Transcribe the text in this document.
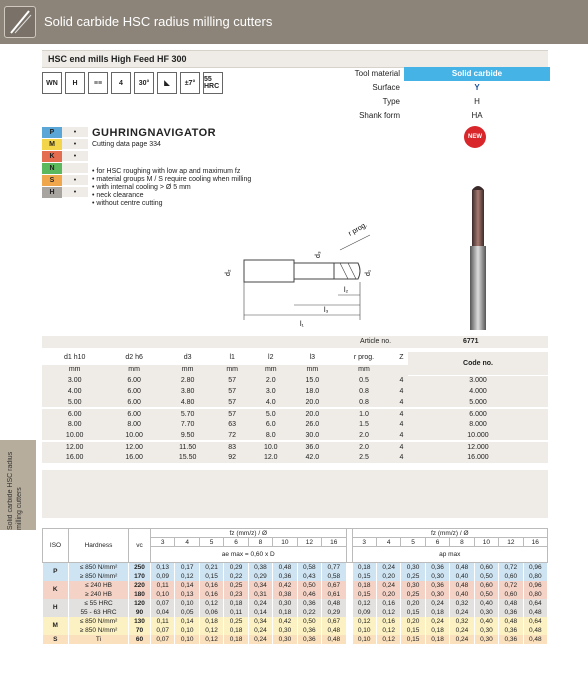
Solid carbide HSC radius milling cutters
HSC end mills High Feed HF 300
Solid carbide HSC radius milling cutters
WN	H	≡≡	4	30°	◣	±7°	55 HRC
Tool material	Solid carbide
Surface	Y
Type	H
Shank form	HA
P	•
M	•
K	•
N
S	•
H	•
GUHRINGNAVIGATOR
Cutting data page 334
NEW
• for HSC roughing with low ap and maximum fz
• material groups M / S require cooling when milling
• with internal cooling > Ø 5 mm
• neck clearance
• without centre cutting
d₂
d₃
d₁
r prog.
l₁
l₃
l₂
Article no.	6771
d1 h10	d2 h6	d3	l1	l2	l3	r prog.	Z	Code no.
mm	mm	mm	mm	mm	mm	mm		
3.00	6.00	2.80	57	2.0	15.0	0.5	4	3.000
4.00	6.00	3.80	57	3.0	18.0	0.8	4	4.000
5.00	6.00	4.80	57	4.0	20.0	0.8	4	5.000
6.00	6.00	5.70	57	5.0	20.0	1.0	4	6.000
8.00	8.00	7.70	63	6.0	26.0	1.5	4	8.000
10.00	10.00	9.50	72	8.0	30.0	2.0	4	10.000
12.00	12.00	11.50	83	10.0	36.0	2.0	4	12.000
16.00	16.00	15.50	92	12.0	42.0	2.5	4	16.000
ISO	Hardness	vc	fz (mm/z) / Ø									fz (mm/z) / Ø							
			3	4	5	6	8	10	12	16		3	4	5	6	8	10	12	16
			ae max = 0,60 x D									ap max							
P	≤ 850 N/mm²	250	0,13	0,17	0,21	0,29	0,38	0,48	0,58	0,77		0,18	0,24	0,30	0,36	0,48	0,60	0,72	0,96
	≥ 850 N/mm²	170	0,09	0,12	0,15	0,22	0,29	0,36	0,43	0,58		0,15	0,20	0,25	0,30	0,40	0,50	0,60	0,80
K	≤ 240 HB	220	0,11	0,14	0,16	0,25	0,34	0,42	0,50	0,67		0,18	0,24	0,30	0,36	0,48	0,60	0,72	0,96
	≥ 240 HB	180	0,10	0,13	0,16	0,23	0,31	0,38	0,46	0,61		0,15	0,20	0,25	0,30	0,40	0,50	0,60	0,80
H	≤ 55 HRC	120	0,07	0,10	0,12	0,18	0,24	0,30	0,36	0,48		0,12	0,16	0,20	0,24	0,32	0,40	0,48	0,64
	55 - 63 HRC	90	0,04	0,05	0,06	0,11	0,14	0,18	0,22	0,29		0,09	0,12	0,15	0,18	0,24	0,30	0,36	0,48
M	≤ 850 N/mm²	130	0,11	0,14	0,18	0,25	0,34	0,42	0,50	0,67		0,12	0,16	0,20	0,24	0,32	0,40	0,48	0,64
	≥ 850 N/mm²	70	0,07	0,10	0,12	0,18	0,24	0,30	0,36	0,48		0,10	0,12	0,15	0,18	0,24	0,30	0,36	0,48
S	Ti	60	0,07	0,10	0,12	0,18	0,24	0,30	0,36	0,48		0,10	0,12	0,15	0,18	0,24	0,30	0,36	0,48
